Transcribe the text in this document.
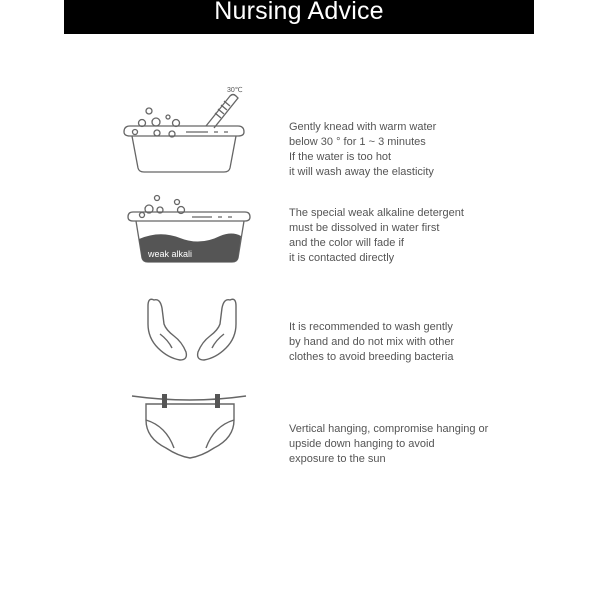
Nursing Advice
30℃
Gently knead with warm water
below 30 ° for 1 ~ 3 minutes
If the water is too hot
it will wash away the elasticity
weak alkali
The special weak alkaline detergent
must be dissolved in water first
and the color will fade if
it is contacted directly
It is recommended to wash gently
by hand and do not mix with other
clothes to avoid breeding bacteria
Vertical hanging, compromise hanging or
upside down hanging to avoid
exposure to the sun
